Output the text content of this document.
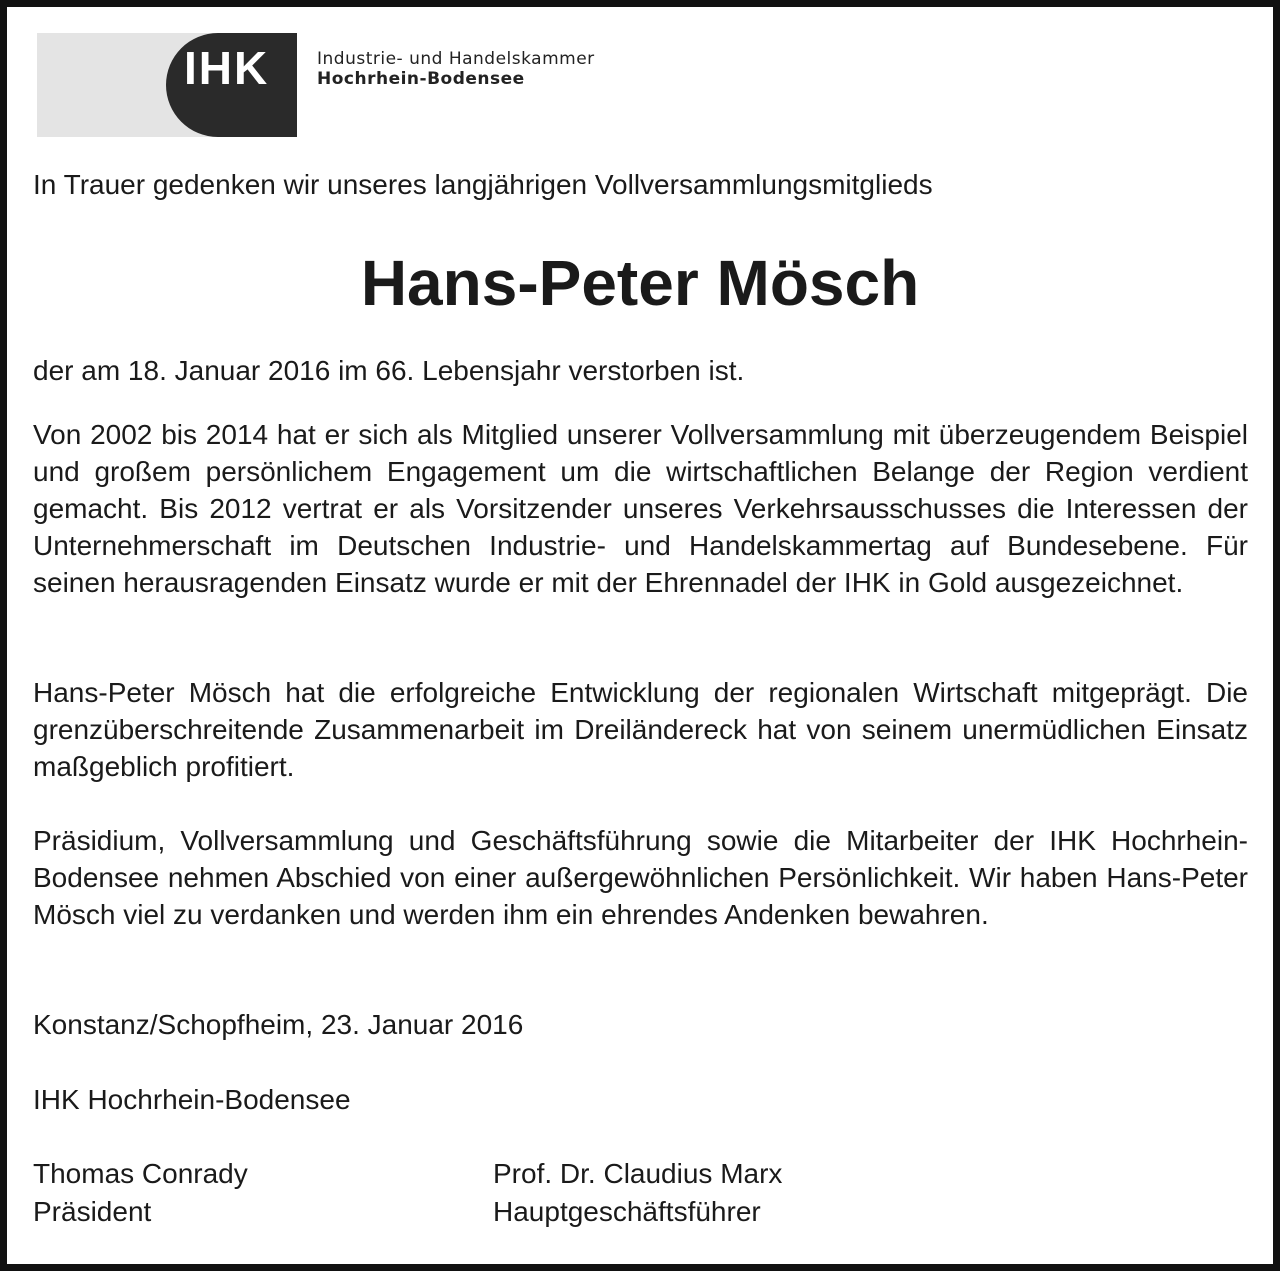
IHK	Industrie- und Handelskammer
Hochrhein-Bodensee
In Trauer gedenken wir unseres langjährigen Vollversammlungsmitglieds
Hans-Peter Mösch
der am 18. Januar 2016 im 66. Lebensjahr verstorben ist.
Von 2002 bis 2014 hat er sich als Mitglied unserer Vollversammlung mit überzeugendem Beispiel und großem persönlichem Engagement um die wirtschaftlichen Belange der Region verdient gemacht. Bis 2012 vertrat er als Vorsitzender unseres Verkehrsausschusses die Interessen der Unternehmerschaft im Deutschen Industrie- und Handelskammertag auf Bundesebene. Für seinen herausragenden Einsatz wurde er mit der Ehrennadel der IHK in Gold ausgezeichnet.
Hans-Peter Mösch hat die erfolgreiche Entwicklung der regionalen Wirtschaft mitgeprägt. Die grenzüberschreitende Zusammenarbeit im Dreiländereck hat von seinem unermüdlichen Einsatz maßgeblich profitiert.
Präsidium, Vollversammlung und Geschäftsführung sowie die Mitarbeiter der IHK Hochrhein-Bodensee nehmen Abschied von einer außergewöhnlichen Persönlichkeit. Wir haben Hans-Peter Mösch viel zu verdanken und werden ihm ein ehrendes Andenken bewahren.
Konstanz/Schopfheim, 23. Januar 2016
IHK Hochrhein-Bodensee
Thomas Conrady
Präsident
Prof. Dr. Claudius Marx
Hauptgeschäftsführer
